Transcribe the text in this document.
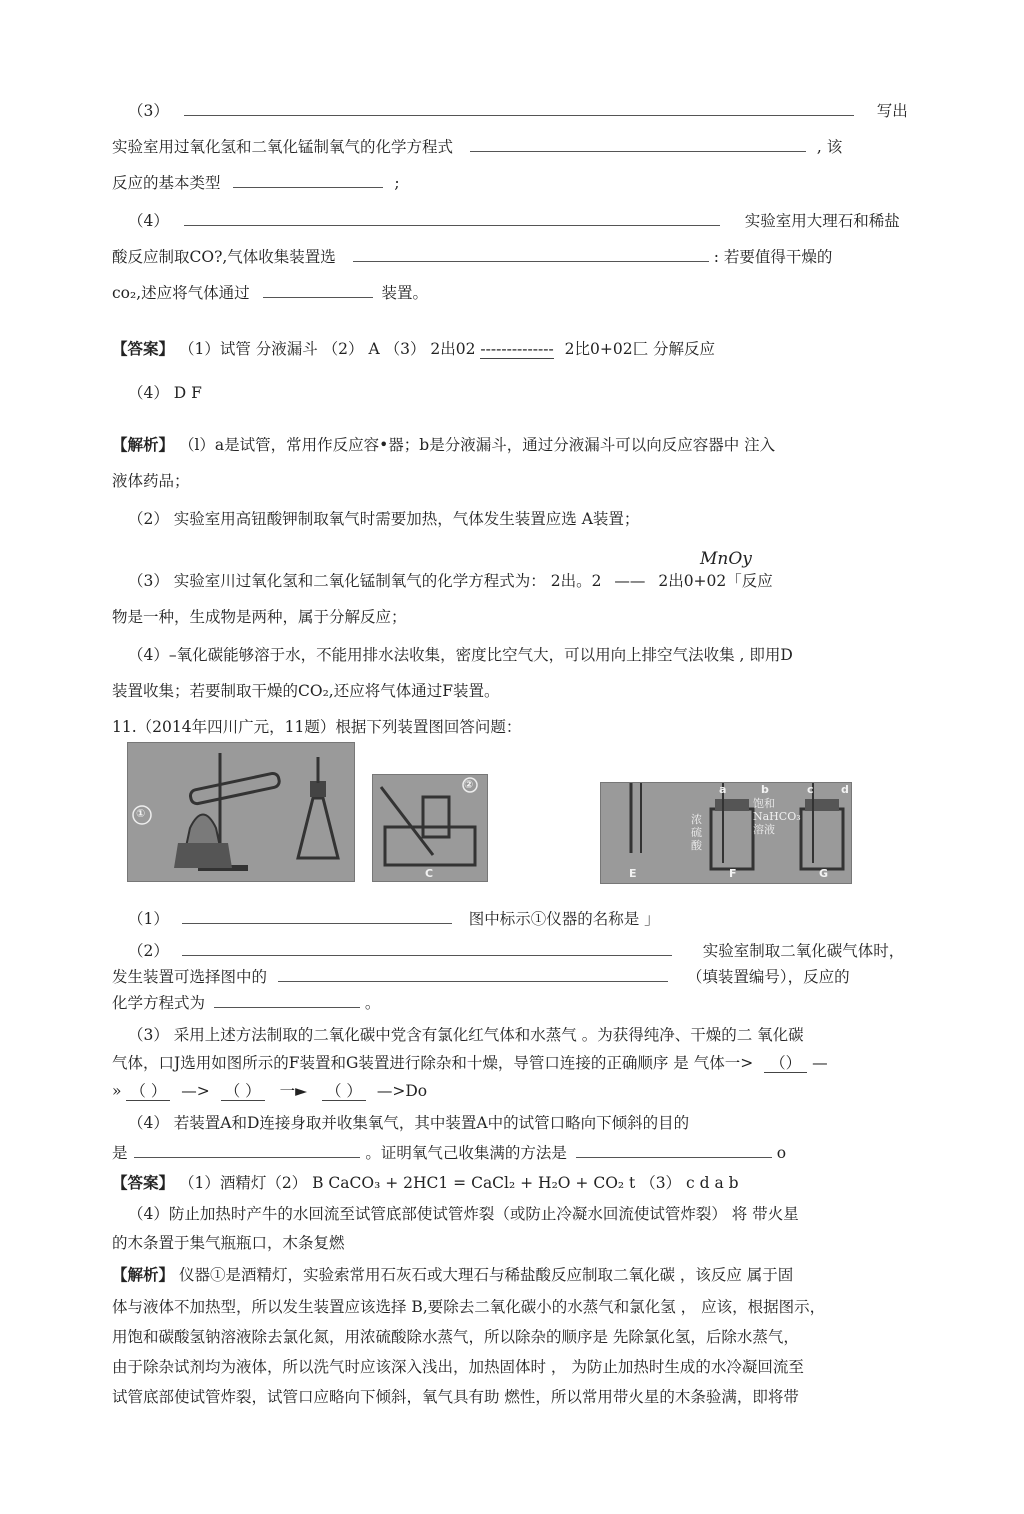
（3）	写出
实验室用过氧化氢和二氧化锰制氧气的化学方程式	, 该
反应的基本类型	;
（4）	实验室用大理石和稀盐
酸反应制取CO?,气体收集装置选	: 若要值得干燥的
co₂,述应将气体通过	装置。
【答案】 （1）试管 分液漏斗 （2） A （3） 2出02 -------------- 2比0+02匚 分解反应
（4） D F
【解析】 （l）a是试管，常用作反应容•器；b是分液漏斗，通过分液漏斗可以向反应容器中 注入
液体药品；
（2） 实验室用高钮酸钾制取氧气时需要加热，气体发生装置应选 A装置；
MnOy
（3） 实验室川过氧化氢和二氧化锰制氧气的化学方程式为： 2出。2 —— 2出0+02「反应
物是一种，生成物是两种，属于分解反应；
（4）–氧化碳能够溶于水，不能用排水法收集，密度比空气大，可以用向上排空气法收集 , 即用D
装置收集；若要制取干燥的CO₂,还应将气体通过F装置。
11.（2014年四川广元，11题）根据下列装置图回答问题：
①
②
C
a	b	c d
浓
硫
酸
饱和
NaHCO₃
溶液
E	F	G
（1）	图中标示①仪器的名称是 」
（2）	实验室制取二氧化碳气体时，
发生装置可选择图中的	（填装置编号），反应的
化学方程式为	。
（3） 采用上述方法制取的二氧化碳中党含有氯化红气体和水蒸气 。为获得纯净、干燥的二 氧化碳
气体，口J选用如图所示的F装置和G装置进行除杂和十燥，导管口连接的正确顺序 是 气体一> （） —
» （ ） —> （ ） 一► （ ） —>Do
（4） 若装置A和D连接身取并收集氧气，其中装置A中的试管口略向下倾斜的目的
是	。证明氧气己收集满的方法是	o
【答案】 （1）酒精灯（2） B CaCO₃ + 2HC1 = CaCl₂ + H₂O + CO₂ t （3） c d a b
（4）防止加热时产牛的水回流至试管底部使试管炸裂（或防止冷凝水回流使试管炸裂） 将 带火星
的木条置于集气瓶瓶口，木条复燃
【解析】 仪器①是酒精灯，实验索常用石灰石或大理石与稀盐酸反应制取二氧化碳 ，该反应 属于固
体与液体不加热型，所以发生装置应该选择 B,要除去二氧化碳小的水蒸气和氯化氢 ， 应该，根据图示，
用饱和碳酸氢钠溶液除去氯化氮，用浓硫酸除水蒸气，所以除杂的顺序是 先除氯化氢，后除水蒸气，
由于除杂试剂均为液体，所以洗气时应该深入浅出，加热固体时 ， 为防止加热时生成的水冷凝回流至
试管底部使试管炸裂，试管口应略向下倾斜，氧气具有助 燃性，所以常用带火星的木条验满，即将带
